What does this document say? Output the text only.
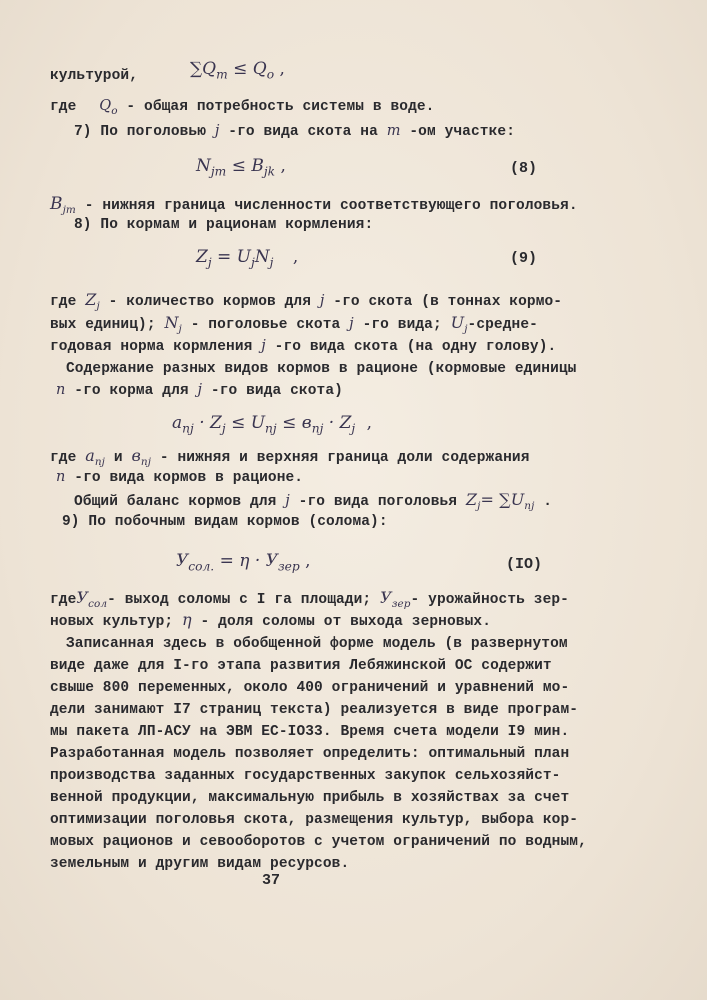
культурой,	$\sum Q_m \le Q_o$ ,
где $Q_o$ - общая потребность системы в воде.
7) По поголовью j -го вида скота на m -ом участке:
$N_{jm} \le B_{jk}$ ,	(8)
$B_{jm}$ - нижняя граница численности соответствующего поголовья.
8) По кормам и рационам кормления:
$Z_j = U_jN_j$ ,	(9)
где $Z_j$ - количество кормов для j -го скота (в тоннах кормо-
вых единиц); $N_j$ - поголовье скота j -го вида; $U_j-средне-$
годовая норма кормления j -го вида скота (на одну голову).
Содержание разных видов кормов в рационе (кормовые единицы
n -го корма для j -го вида скота)
$a_{nj} \cdot Z_j \le U_{nj} \le в_{nj} \cdot Z_j$ ,
где $a_{nj}$ и $в_{nj}$ - нижняя и верхняя граница доли содержания
n -го вида кормов в рационе.
Общий баланс кормов для j -го вида поголовья $Z_j= \sum U_{nj}$ .
9) По побочным видам кормов (солома):
$У_{сол.} = \eta \cdot У_{зер}$ ,	(IO)
гдеУ$_{сол}$- выход соломы с I га площади; $У_{зер}-$ урожайность зер-
новых культур; η - доля соломы от выхода зерновых.
Записанная здесь в обобщенной форме модель (в развернутом
виде даже для I-го этапа развития Лебяжинской ОС содержит
свыше 800 переменных, около 400 ограничений и уравнений мо-
дели занимают I7 страниц текста) реализуется в виде програм-
мы пакета ЛП-АСУ на ЭВМ ЕС-IO33. Время счета модели I9 мин.
Разработанная модель позволяет определить: оптимальный план
производства заданных государственных закупок сельхозяйст-
венной продукции, максимальную прибыль в хозяйствах за счет
оптимизации поголовья скота, размещения культур, выбора кор-
мовых рационов и севооборотов с учетом ограничений по водным,
земельным и другим видам ресурсов.
37
